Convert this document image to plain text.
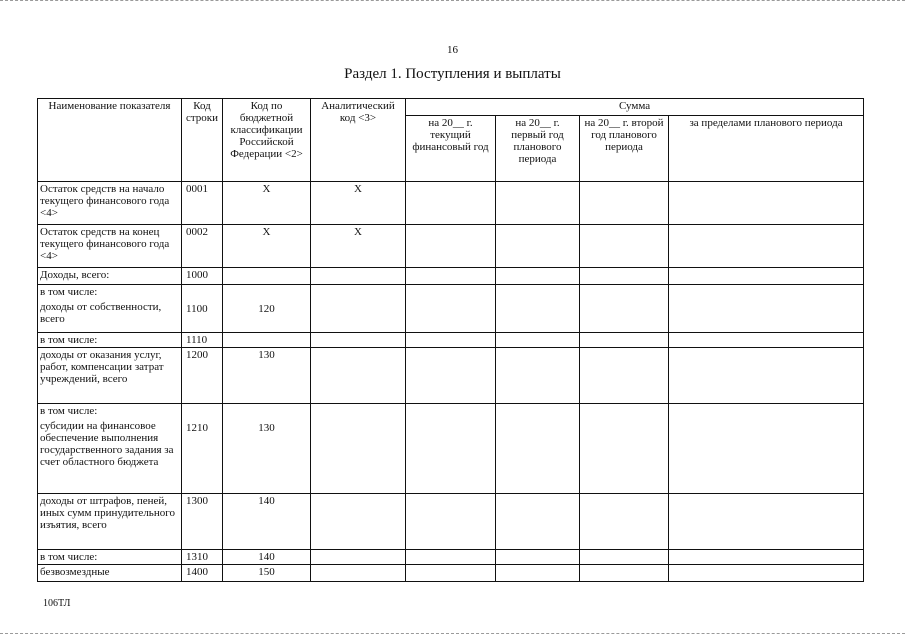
16
Раздел 1. Поступления и выплаты
Наименование показателя	Код строки	Код по бюджетной классификации Российской Федерации <2>	Аналитический код <3>	Сумма			
				на 20__ г. текущий финансовый год	на 20__ г. первый год планового периода	на 20__ г. второй год планового периода	за пределами планового периода
Остаток средств на начало текущего финансового года <4>	0001	X	X				
Остаток средств на конец текущего финансового года <4>	0002	X	X				
Доходы, всего:	1000						

в том числе:
доходы от собственности, всего	1100	120					
в том числе:	1110						
доходы от оказания услуг, работ, компенсации затрат учреждений, всего	1200	130					

в том числе:
субсидии на финансовое обеспечение выполнения государственного задания за счет областного бюджета	1210	130					
доходы от штрафов, пеней, иных сумм принудительного изъятия, всего	1300	140					
в том числе:	1310	140					
безвозмездные	1400	150					
106ТЛ
